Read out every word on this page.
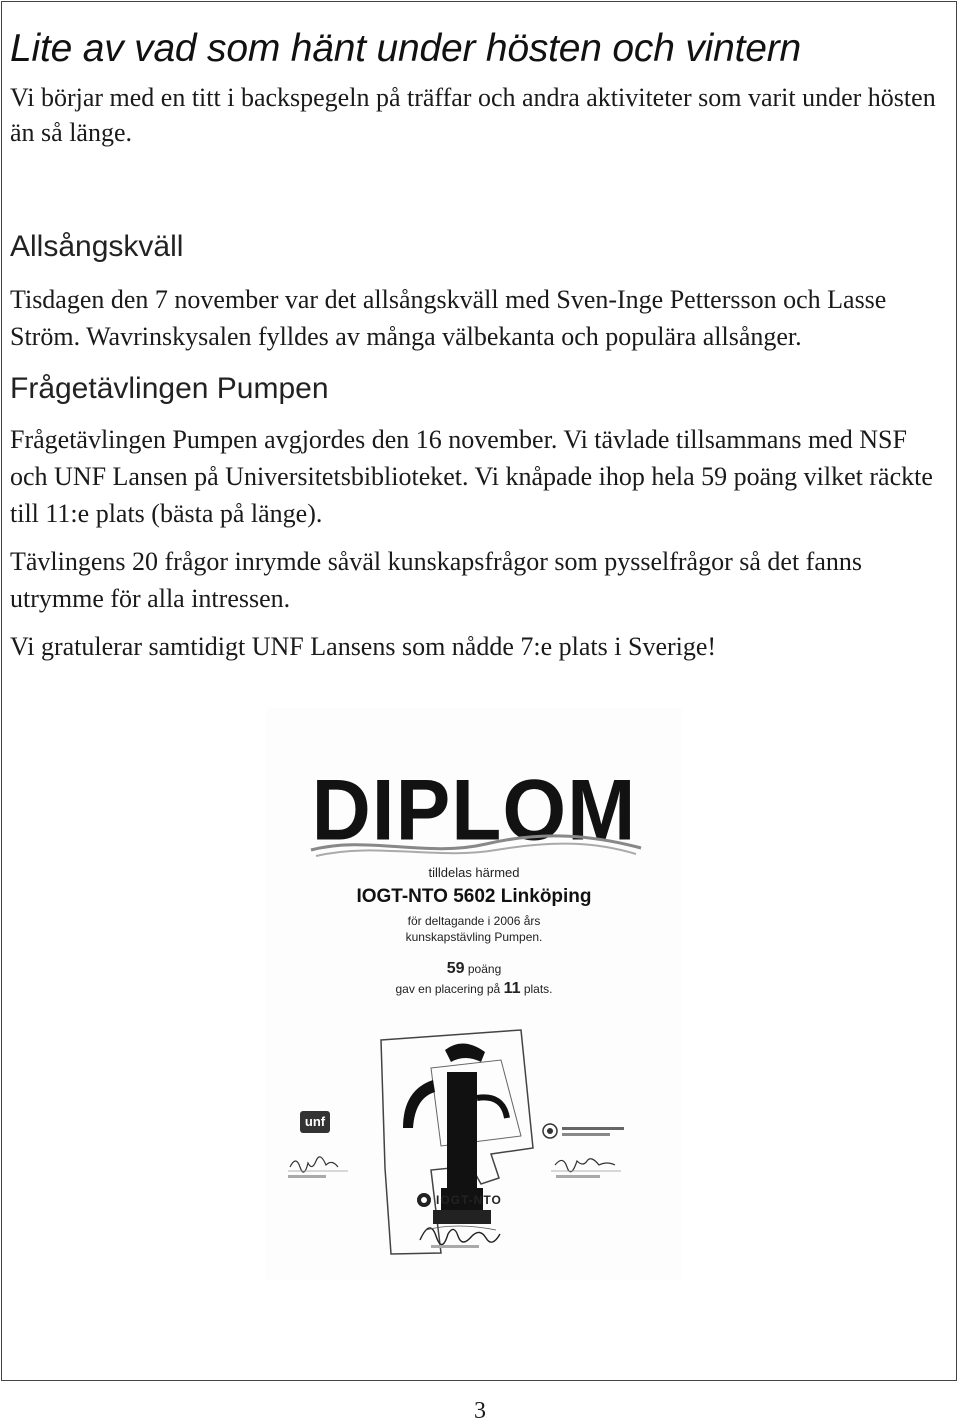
Lite av vad som hänt under hösten och vintern

Vi börjar med en titt i backspegeln på träffar och andra aktiviteter som varit under hösten än så länge.

Allsångskväll

Tisdagen den 7 november var det allsångskväll med Sven-Inge Pettersson och Lasse Ström. Wavrinskysalen fylldes av många välbekanta och populära allsånger.

Frågetävlingen Pumpen

Frågetävlingen Pumpen avgjordes den 16 november. Vi tävlade tillsammans med NSF och UNF Lansen på Universitetsbiblioteket. Vi knåpade ihop hela 59 poäng vilket räckte till 11:e plats (bästa på länge).

Tävlingens 20 frågor inrymde såväl kunskapsfrågor som pysselfrågor så det fanns utrymme för alla intressen.

Vi gratulerar samtidigt UNF Lansens som nådde 7:e plats i Sverige!

DIPLOM
tilldelas härmed
IOGT-NTO 5602 Linköping
för deltagande i 2006 års
kunskapstävling Pumpen.
59 poäng
gav en placering på 11 plats.
unf
IOGT-NTO
3
